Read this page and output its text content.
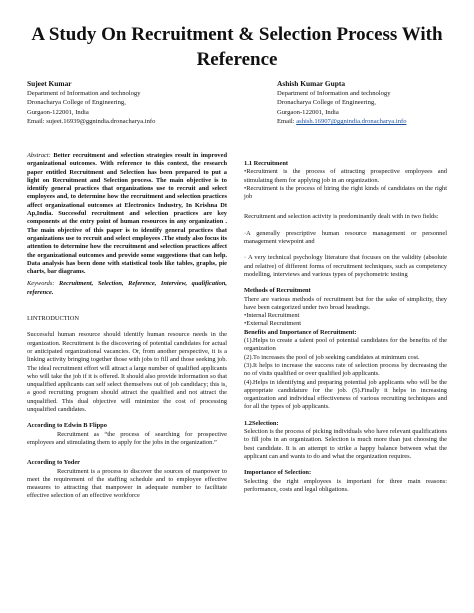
A Study On Recruitment & Selection Process With Reference
Sujeet Kumar
Department of Information and technology
Dronacharya College of Engineering,
Gurgaon-122001, India
Email: sujeet.16939@ggnindia.dronacharya.info
Ashish Kumar Gupta
Department of Information and technology
Dronacharya College of Engineering,
Gurgaon-122001, India
Email: ashish.16907@ggnindia.dronacharya.info

Abstract: Better recruitment and selection strategies result in improved organizational outcomes. With reference to this context, the research paper entitled Recruitment and Selection has been prepared to put a light on Recruitment and Selection process. The main objective is to identify general practices that organizations use to recruit and select employees and, to determine how the recruitment and selection practices affect organizational outcomes at Electronics Industry, In Krishna Dt Ap,India. Successful recruitment and selection practices are key components at the entry point of human resources in any organization . The main objective of this paper is to identify general practices that organizations use to recruit and select employees .The study also focus its attention to determine how the recruitment and selection practices affect the organizational outcomes and provide some suggestions that can help. Data analysis has been done with statistical tools like tables, graphs, pie charts, bar diagrams.

Keywords: Recruitment, Selection, Reference, Interview, qualification, reference.

I.INTRODUCTION

Successful human resource should identify human resource needs in the organization. Recruitment is the discovering of potential candidates for actual or anticipated organizational vacancies. Or, from another perspective, it is a linking activity bringing together those with jobs to fill and those seeking job. The ideal recruitment effort will attract a large number of qualified applicants who will take the job if it is offered. It should also provide information so that unqualified applicants can self select themselves out of job candidacy; this is, a good recruiting program should attract the qualified and not attract the unqualified. This dual objective will minimize the cost of processing unqualified candidates.

According to Edwin B Flippo

Recruitment as “the process of searching for prospective employees and stimulating them to apply for the jobs in the organization.”

According to Yoder

Recruitment is a process to discover the sources of manpower to meet the requirement of the staffing schedule and to employee effective measures to attracting that manpower in adequate number to facilitate effective selection of an effective workforce

1.1 Recruitment

•Recruitment is the process of attracting prospective employees and stimulating them for applying job in an organization.

•Recruitment is the process of hiring the right kinds of candidates on the right job

Recruitment and selection activity is predominantly dealt with in two fields:

·A generally prescriptive human resource management or personnel management viewpoint and

· A very technical psychology literature that focuses on the validity (absolute and relative) of different forms of recruitment techniques, such as competency modelling, interviews and various types of psychometric testing

Methods of Recruitment

There are various methods of recruitment but for the sake of simplicity, they have been categorized under two broad headings.

•Internal Recruitment

•External Recruitment

Benefits and Importance of Recruitment:

(1).Helps to create a talent pool of potential candidates for the benefits of the organization

(2).To increases the pool of job seeking candidates at minimum cost.

(3).It helps to increase the success rate of selection process by decreasing the no of visits qualified or over qualified job applicants.

(4).Helps in identifying and preparing potential job applicants who will be the appropriate candidature for the job. (5).Finally it helps in increasing organization and individual effectiveness of various recruiting techniques and for all the types of job applicants.

1.2Selection:

Selection is the process of picking individuals who have relevant qualifications to fill jobs in an organization. Selection is much more than just choosing the best candidate. It is an attempt to strike a happy balance between what the applicant can and wants to do and what the organization requires.

Importance of Selection:

Selecting the right employees is important for three main reasons: performance, costs and legal obligations.
